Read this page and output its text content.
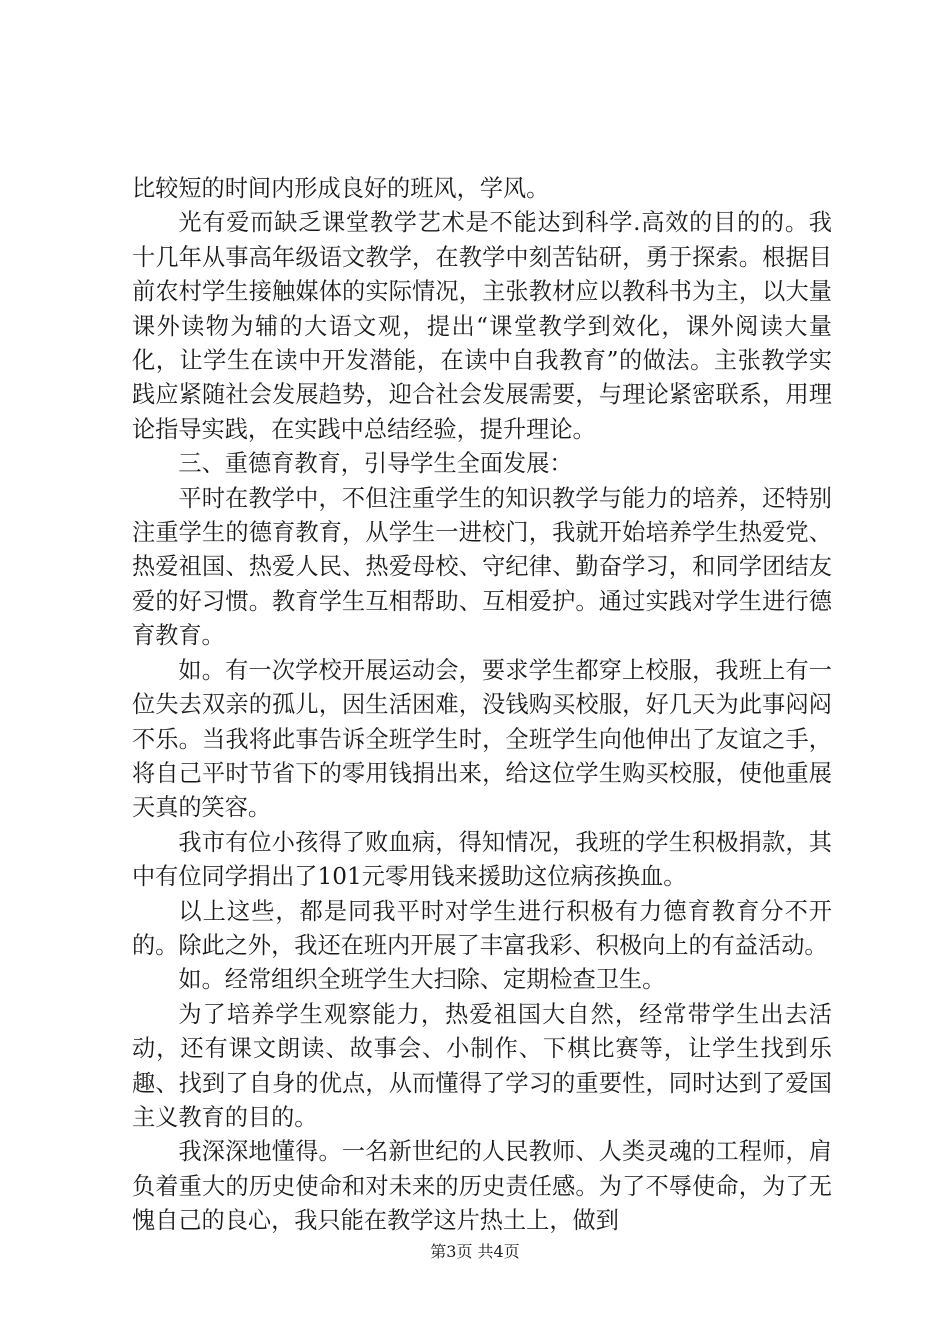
比较短的时间内形成良好的班风，学风。

光有爱而缺乏课堂教学艺术是不能达到科学.高效的目的的。我十几年从事高年级语文教学，在教学中刻苦钻研，勇于探索。根据目前农村学生接触媒体的实际情况，主张教材应以教科书为主，以大量课外读物为辅的大语文观，提出“课堂教学到效化，课外阅读大量化，让学生在读中开发潜能，在读中自我教育”的做法。主张教学实践应紧随社会发展趋势，迎合社会发展需要，与理论紧密联系，用理论指导实践，在实践中总结经验，提升理论。

三、重德育教育，引导学生全面发展：

平时在教学中，不但注重学生的知识教学与能力的培养，还特别注重学生的德育教育，从学生一进校门，我就开始培养学生热爱党、热爱祖国、热爱人民、热爱母校、守纪律、勤奋学习，和同学团结友爱的好习惯。教育学生互相帮助、互相爱护。通过实践对学生进行德育教育。

如。有一次学校开展运动会，要求学生都穿上校服，我班上有一位失去双亲的孤儿，因生活困难，没钱购买校服，好几天为此事闷闷不乐。当我将此事告诉全班学生时，全班学生向他伸出了友谊之手，将自己平时节省下的零用钱捐出来，给这位学生购买校服，使他重展天真的笑容。

我市有位小孩得了败血病，得知情况，我班的学生积极捐款，其中有位同学捐出了101元零用钱来援助这位病孩换血。

以上这些，都是同我平时对学生进行积极有力德育教育分不开的。除此之外，我还在班内开展了丰富我彩、积极向上的有益活动。

如。经常组织全班学生大扫除、定期检查卫生。

为了培养学生观察能力，热爱祖国大自然，经常带学生出去活动，还有课文朗读、故事会、小制作、下棋比赛等，让学生找到乐趣、找到了自身的优点，从而懂得了学习的重要性，同时达到了爱国主义教育的目的。

我深深地懂得。一名新世纪的人民教师、人类灵魂的工程师，肩负着重大的历史使命和对未来的历史责任感。为了不辱使命，为了无愧自己的良心，我只能在教学这片热土上，做到

第3页 共4页
